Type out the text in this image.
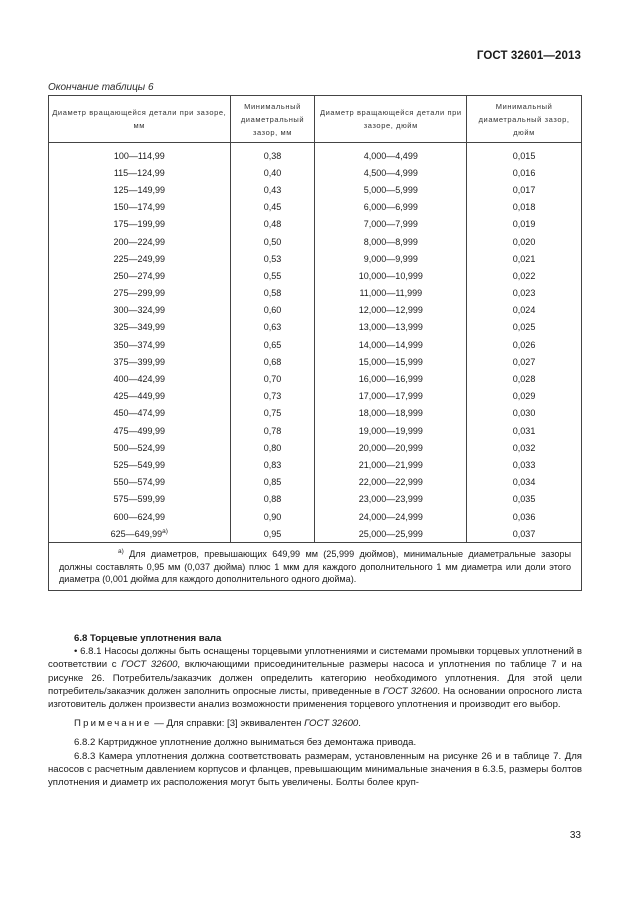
ГОСТ 32601—2013
Окончание таблицы 6
Диаметр вращающейся детали при зазоре, мм	Минимальный диаметральный зазор, мм	Диаметр вращающейся детали при зазоре, дюйм	Минимальный диаметральный зазор, дюйм

100—114,99	0,38	4,000—4,499	0,015
115—124,99	0,40	4,500—4,999	0,016
125—149,99	0,43	5,000—5,999	0,017
150—174,99	0,45	6,000—6,999	0,018
175—199,99	0,48	7,000—7,999	0,019
200—224,99	0,50	8,000—8,999	0,020
225—249,99	0,53	9,000—9,999	0,021
250—274,99	0,55	10,000—10,999	0,022
275—299,99	0,58	11,000—11,999	0,023
300—324,99	0,60	12,000—12,999	0,024
325—349,99	0,63	13,000—13,999	0,025
350—374,99	0,65	14,000—14,999	0,026
375—399,99	0,68	15,000—15,999	0,027
400—424,99	0,70	16,000—16,999	0,028
425—449,99	0,73	17,000—17,999	0,029
450—474,99	0,75	18,000—18,999	0,030
475—499,99	0,78	19,000—19,999	0,031
500—524,99	0,80	20,000—20,999	0,032
525—549,99	0,83	21,000—21,999	0,033
550—574,99	0,85	22,000—22,999	0,034
575—599,99	0,88	23,000—23,999	0,035
600—624,99	0,90	24,000—24,999	0,036
$625—649,99^{а)}$	0,95	25,000—25,999	0,037

$^{а)}$ Для диаметров, превышающих 649,99 мм (25,999 дюймов), минимальные диаметральные зазоры должны составлять 0,95 мм (0,037 дюйма) плюс 1 мкм для каждого дополнительного 1 мм диаметра или доли этого диаметра (0,001 дюйма для каждого дополнительного одного дюйма).			

6.8 Торцевые уплотнения вала

• 6.8.1 Насосы должны быть оснащены торцевыми уплотнениями и системами промывки торцевых уплотнений в соответствии с ГОСТ 32600, включающими присоединительные размеры насоса и уплотнения по таблице 7 и на рисунке 26. Потребитель/заказчик должен определить категорию необходимого уплотнения. Для этой цели потребитель/заказчик должен заполнить опросные листы, приведенные в ГОСТ 32600. На основании опросного листа изготовитель должен произвести анализ возможности применения торцевого уплотнения и производит его выбор.

Примечание — Для справки: [3] эквивалентен ГОСТ 32600.

6.8.2 Картриджное уплотнение должно выниматься без демонтажа привода.

6.8.3 Камера уплотнения должна соответствовать размерам, установленным на рисунке 26 и в таблице 7. Для насосов с расчетным давлением корпусов и фланцев, превышающим минимальные значения в 6.3.5, размеры болтов уплотнения и диаметр их расположения могут быть увеличены. Болты более круп-

33
